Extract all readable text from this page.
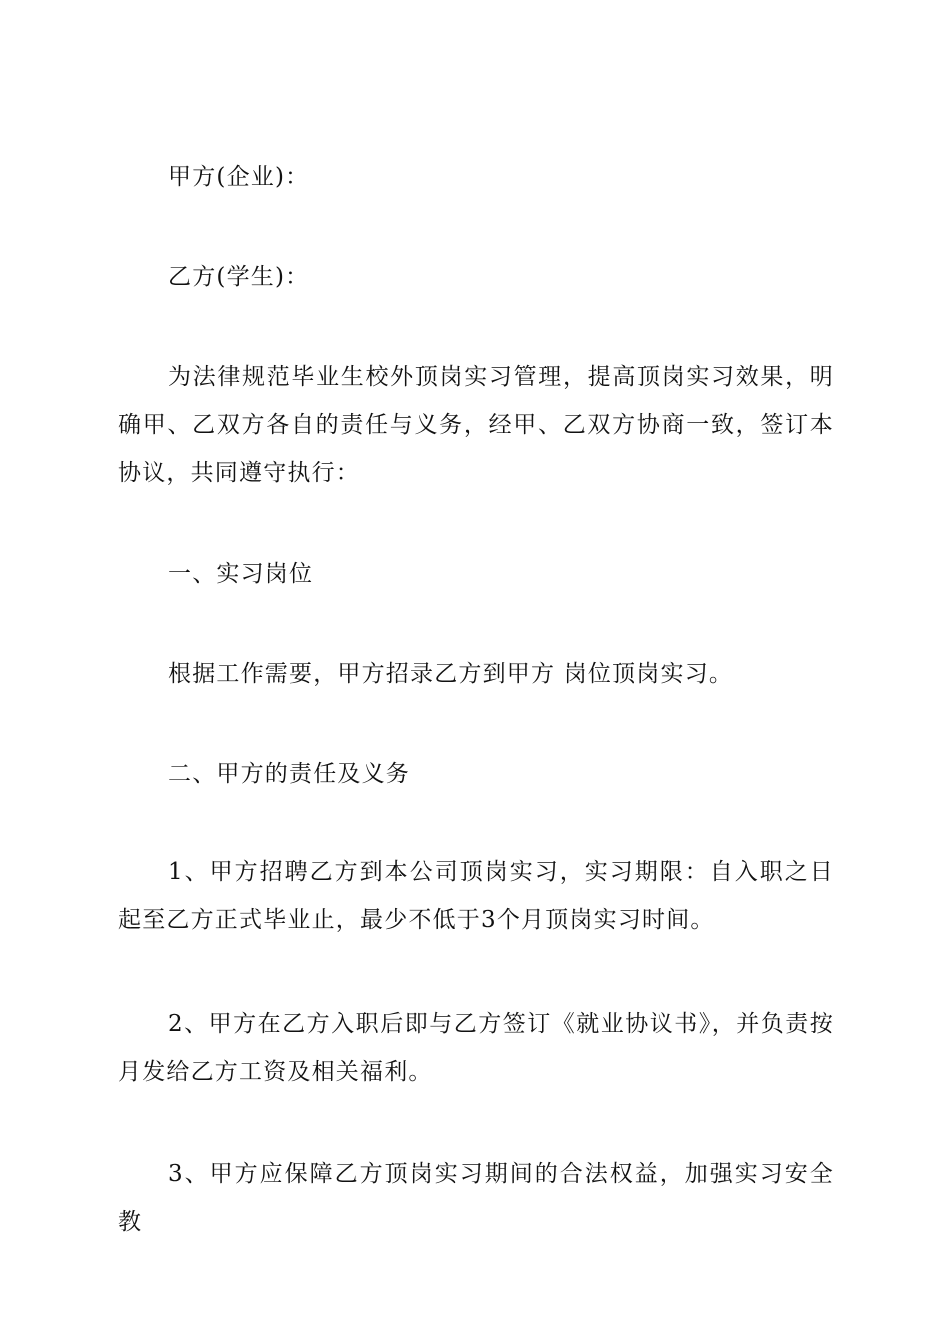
甲方(企业)：

乙方(学生)：

为法律规范毕业生校外顶岗实习管理，提高顶岗实习效果，明确甲、乙双方各自的责任与义务，经甲、乙双方协商一致，签订本协议，共同遵守执行：

一、实习岗位

根据工作需要，甲方招录乙方到甲方 岗位顶岗实习。

二、甲方的责任及义务

1、甲方招聘乙方到本公司顶岗实习，实习期限：自入职之日起至乙方正式毕业止，最少不低于3个月顶岗实习时间。

2、甲方在乙方入职后即与乙方签订《就业协议书》，并负责按月发给乙方工资及相关福利。

3、甲方应保障乙方顶岗实习期间的合法权益，加强实习安全教
